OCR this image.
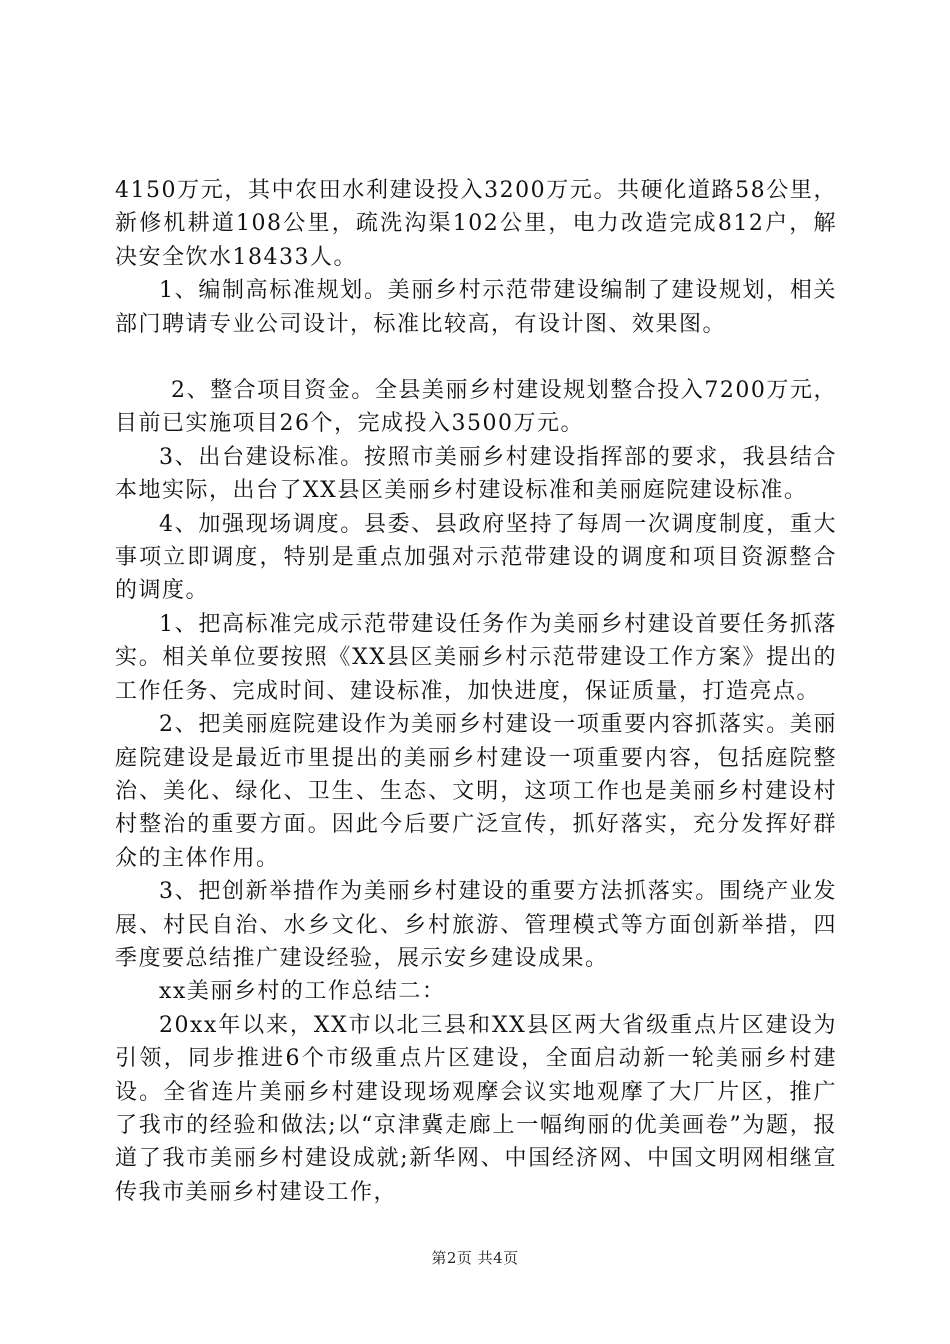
4150万元，其中农田水利建设投入3200万元。共硬化道路58公里，新修机耕道108公里，疏洗沟渠102公里，电力改造完成812户，解决安全饮水18433人。

1、编制高标准规划。美丽乡村示范带建设编制了建设规划，相关部门聘请专业公司设计，标准比较高，有设计图、效果图。

2、整合项目资金。全县美丽乡村建设规划整合投入7200万元，目前已实施项目26个，完成投入3500万元。

3、出台建设标准。按照市美丽乡村建设指挥部的要求，我县结合本地实际，出台了XX县区美丽乡村建设标准和美丽庭院建设标准。

4、加强现场调度。县委、县政府坚持了每周一次调度制度，重大事项立即调度，特别是重点加强对示范带建设的调度和项目资源整合的调度。

1、把高标准完成示范带建设任务作为美丽乡村建设首要任务抓落实。相关单位要按照《XX县区美丽乡村示范带建设工作方案》提出的工作任务、完成时间、建设标准，加快进度，保证质量，打造亮点。

2、把美丽庭院建设作为美丽乡村建设一项重要内容抓落实。美丽庭院建设是最近市里提出的美丽乡村建设一项重要内容，包括庭院整治、美化、绿化、卫生、生态、文明，这项工作也是美丽乡村建设村村整治的重要方面。因此今后要广泛宣传，抓好落实，充分发挥好群众的主体作用。

3、把创新举措作为美丽乡村建设的重要方法抓落实。围绕产业发展、村民自治、水乡文化、乡村旅游、管理模式等方面创新举措，四季度要总结推广建设经验，展示安乡建设成果。

xx美丽乡村的工作总结二：

20xx年以来，XX市以北三县和XX县区两大省级重点片区建设为引领，同步推进6个市级重点片区建设，全面启动新一轮美丽乡村建设。全省连片美丽乡村建设现场观摩会议实地观摩了大厂片区，推广了我市的经验和做法;以“京津冀走廊上一幅绚丽的优美画卷”为题，报道了我市美丽乡村建设成就;新华网、中国经济网、中国文明网相继宣传我市美丽乡村建设工作，

第2页 共4页
